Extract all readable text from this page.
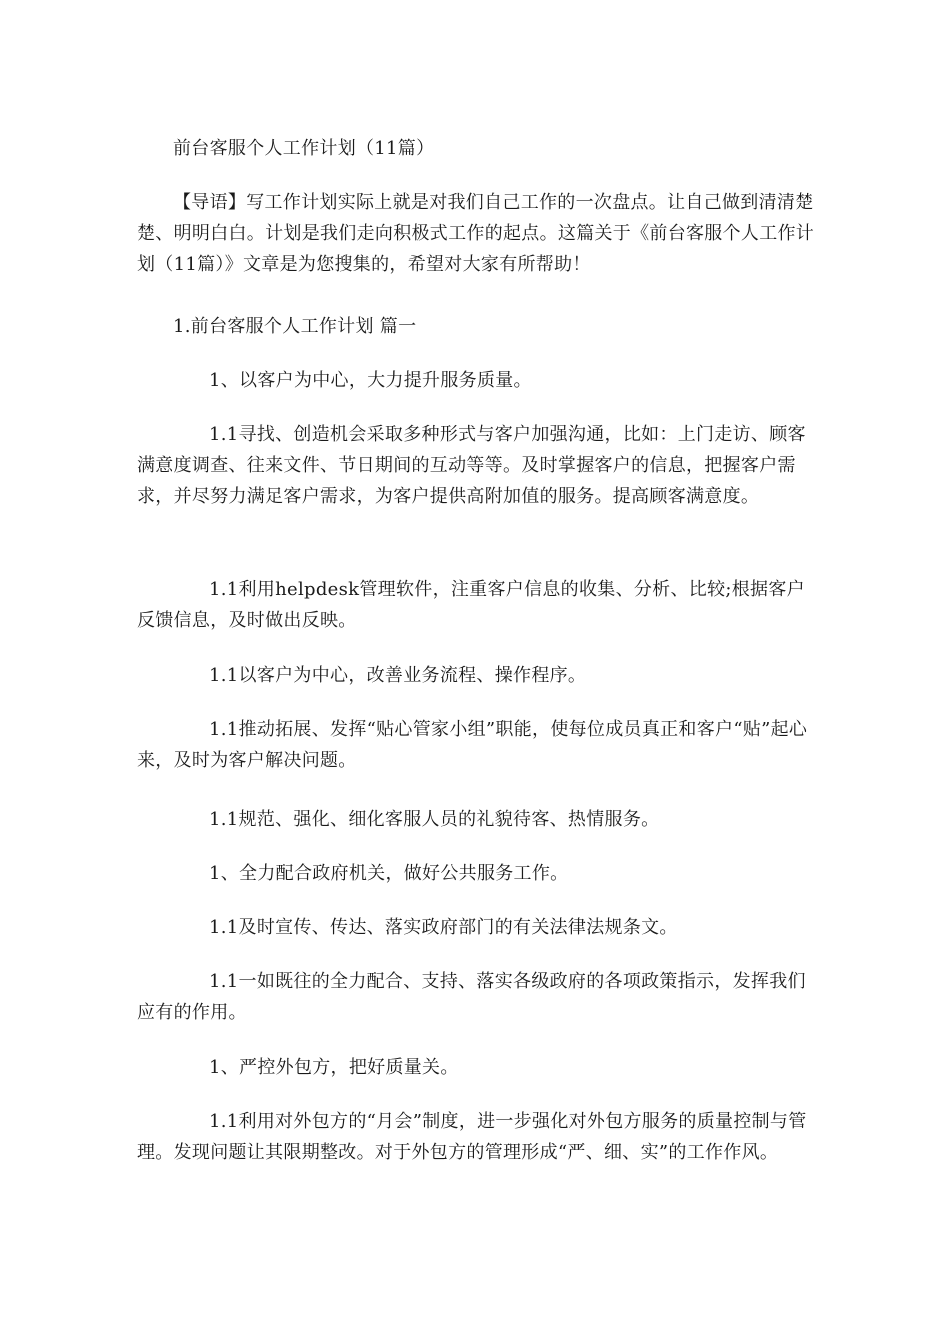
前台客服个人工作计划（11篇）

【导语】写工作计划实际上就是对我们自己工作的一次盘点。让自己做到清清楚楚、明明白白。计划是我们走向积极式工作的起点。这篇关于《前台客服个人工作计划（11篇）》文章是为您搜集的，希望对大家有所帮助！

1.前台客服个人工作计划 篇一

1、以客户为中心，大力提升服务质量。

1.1寻找、创造机会采取多种形式与客户加强沟通，比如：上门走访、顾客满意度调查、往来文件、节日期间的互动等等。及时掌握客户的信息，把握客户需求，并尽努力满足客户需求，为客户提供高附加值的服务。提高顾客满意度。

1.1利用helpdesk管理软件，注重客户信息的收集、分析、比较;根据客户反馈信息，及时做出反映。

1.1以客户为中心，改善业务流程、操作程序。

1.1推动拓展、发挥“贴心管家小组”职能，使每位成员真正和客户“贴”起心来，及时为客户解决问题。

1.1规范、强化、细化客服人员的礼貌待客、热情服务。

1、全力配合政府机关，做好公共服务工作。

1.1及时宣传、传达、落实政府部门的有关法律法规条文。

1.1一如既往的全力配合、支持、落实各级政府的各项政策指示，发挥我们应有的作用。

1、严控外包方，把好质量关。

1.1利用对外包方的“月会”制度，进一步强化对外包方服务的质量控制与管理。发现问题让其限期整改。对于外包方的管理形成“严、细、实”的工作作风。
